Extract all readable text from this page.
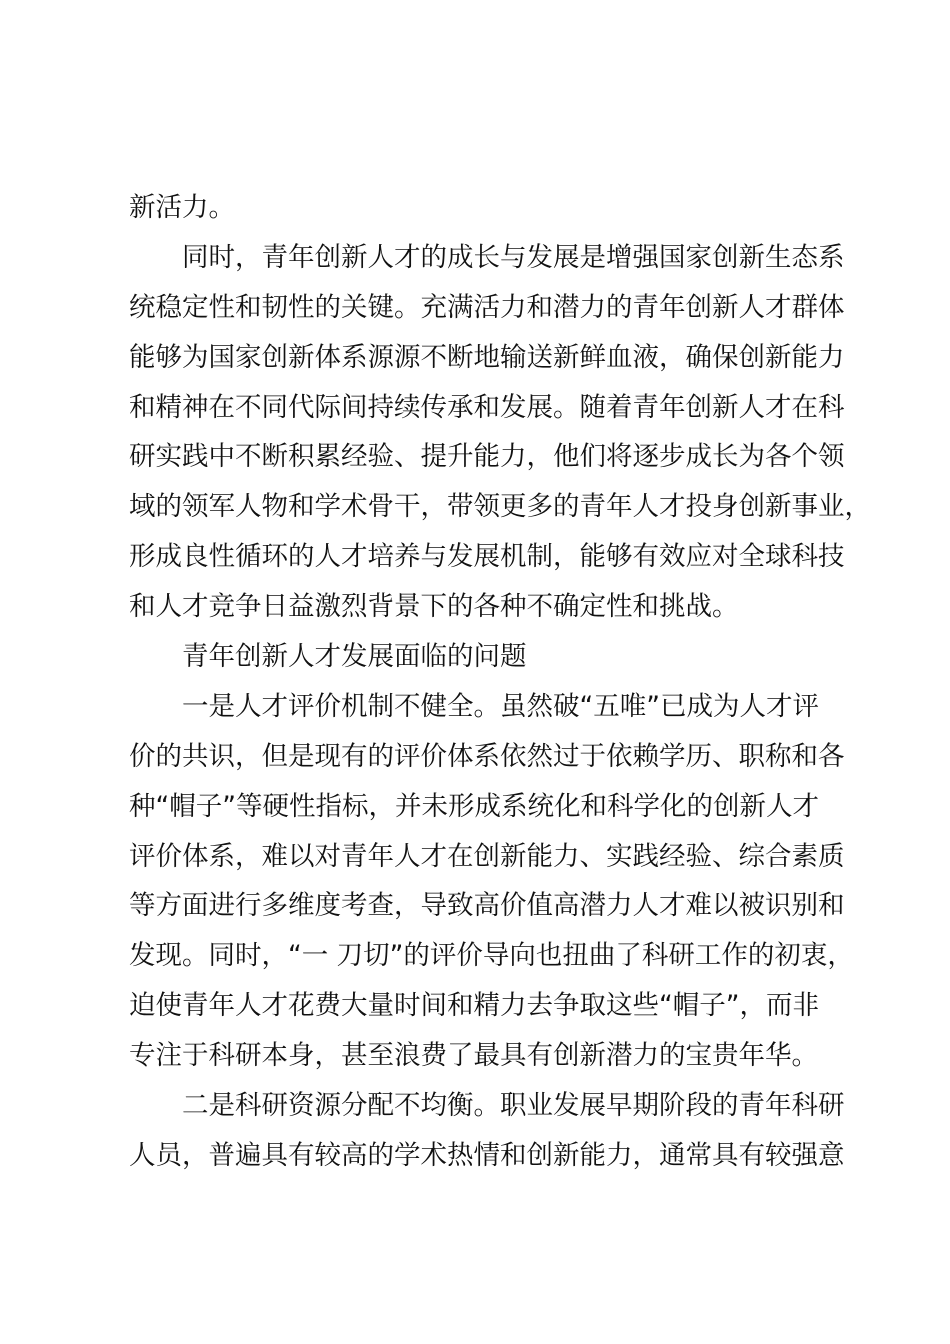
新活力。
同时，青年创新人才的成长与发展是增强国家创新生态系
统稳定性和韧性的关键。充满活力和潜力的青年创新人才群体
能够为国家创新体系源源不断地输送新鲜血液，确保创新能力
和精神在不同代际间持续传承和发展。随着青年创新人才在科
研实践中不断积累经验、提升能力，他们将逐步成长为各个领
域的领军人物和学术骨干，带领更多的青年人才投身创新事业，
形成良性循环的人才培养与发展机制，能够有效应对全球科技
和人才竞争日益激烈背景下的各种不确定性和挑战。
青年创新人才发展面临的问题
一是人才评价机制不健全。虽然破“五唯”已成为人才评
价的共识，但是现有的评价体系依然过于依赖学历、职称和各
种“帽子”等硬性指标，并未形成系统化和科学化的创新人才
评价体系，难以对青年人才在创新能力、实践经验、综合素质
等方面进行多维度考查，导致高价值高潜力人才难以被识别和
发现。同时，“一 刀切”的评价导向也扭曲了科研工作的初衷，
迫使青年人才花费大量时间和精力去争取这些“帽子”，而非
专注于科研本身，甚至浪费了最具有创新潜力的宝贵年华。
二是科研资源分配不均衡。职业发展早期阶段的青年科研
人员，普遍具有较高的学术热情和创新能力，通常具有较强意
